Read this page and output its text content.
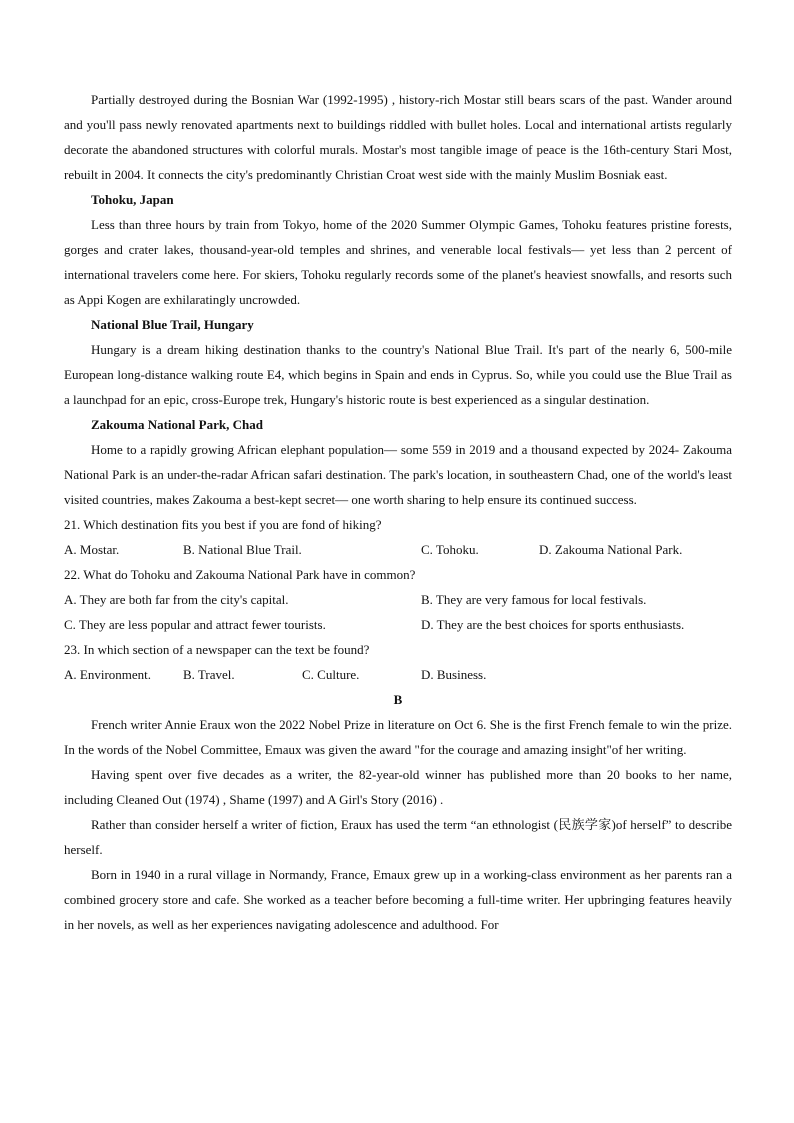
Partially destroyed during the Bosnian War (1992-1995) , history-rich Mostar still bears scars of the past. Wander around and you'll pass newly renovated apartments next to buildings riddled with bullet holes. Local and international artists regularly decorate the abandoned structures with colorful murals. Mostar's most tangible image of peace is the 16th-century Stari Most, rebuilt in 2004. It connects the city's predominantly Christian Croat west side with the mainly Muslim Bosniak east.

Tohoku, Japan

Less than three hours by train from Tokyo, home of the 2020 Summer Olympic Games, Tohoku features pristine forests, gorges and crater lakes, thousand-year-old temples and shrines, and venerable local festivals— yet less than 2 percent of international travelers come here. For skiers, Tohoku regularly records some of the planet's heaviest snowfalls, and resorts such as Appi Kogen are exhilaratingly uncrowded.

National Blue Trail, Hungary

Hungary is a dream hiking destination thanks to the country's National Blue Trail. It's part of the nearly 6, 500-mile European long-distance walking route E4, which begins in Spain and ends in Cyprus. So, while you could use the Blue Trail as a launchpad for an epic, cross-Europe trek, Hungary's historic route is best experienced as a singular destination.

Zakouma National Park, Chad

Home to a rapidly growing African elephant population— some 559 in 2019 and a thousand expected by 2024- Zakouma National Park is an under-the-radar African safari destination. The park's location, in southeastern Chad, one of the world's least visited countries, makes Zakouma a best-kept secret— one worth sharing to help ensure its continued success.

21. Which destination fits you best if you are fond of hiking?
A. Mostar.	B. National Blue Trail.	C. Tohoku.	D. Zakouma National Park.
22. What do Tohoku and Zakouma National Park have in common?
A. They are both far from the city's capital.	B. They are very famous for local festivals.
C. They are less popular and attract fewer tourists.	D. They are the best choices for sports enthusiasts.
23. In which section of a newspaper can the text be found?
A. Environment.	B. Travel.	C. Culture.	D. Business.
B

French writer Annie Eraux won the 2022 Nobel Prize in literature on Oct 6. She is the first French female to win the prize. In the words of the Nobel Committee, Emaux was given the award "for the courage and amazing insight"of her writing.

Having spent over five decades as a writer, the 82-year-old winner has published more than 20 books to her name, including Cleaned Out (1974) , Shame (1997) and A Girl's Story (2016) .

Rather than consider herself a writer of fiction, Eraux has used the term “an ethnologist (民族学家)of herself” to describe herself.

Born in 1940 in a rural village in Normandy, France, Emaux grew up in a working-class environment as her parents ran a combined grocery store and cafe. She worked as a teacher before becoming a full-time writer. Her upbringing features heavily in her novels, as well as her experiences navigating adolescence and adulthood. For
